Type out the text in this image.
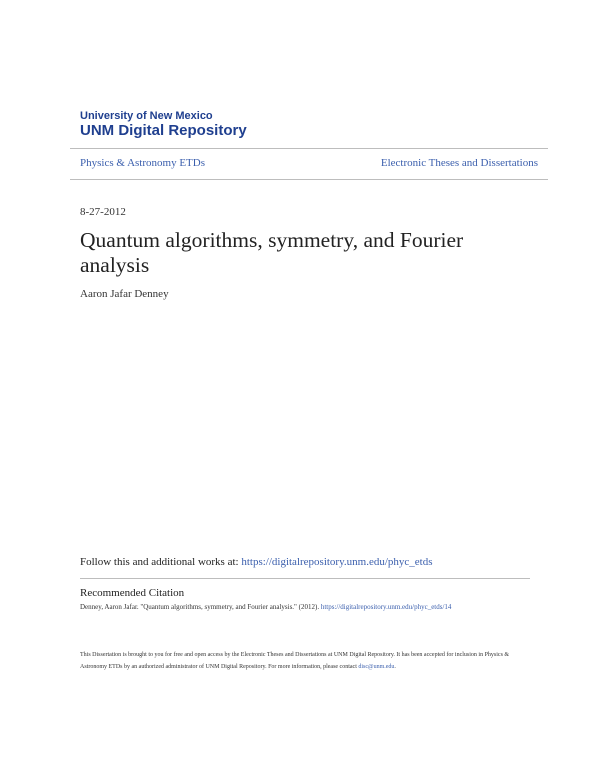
University of New Mexico
UNM Digital Repository
Physics & Astronomy ETDs	Electronic Theses and Dissertations
8-27-2012
Quantum algorithms, symmetry, and Fourier analysis
Aaron Jafar Denney
Follow this and additional works at: https://digitalrepository.unm.edu/phyc_etds
Recommended Citation
Denney, Aaron Jafar. "Quantum algorithms, symmetry, and Fourier analysis." (2012). https://digitalrepository.unm.edu/phyc_etds/14
This Dissertation is brought to you for free and open access by the Electronic Theses and Dissertations at UNM Digital Repository. It has been accepted for inclusion in Physics & Astronomy ETDs by an authorized administrator of UNM Digital Repository. For more information, please contact disc@unm.edu.
